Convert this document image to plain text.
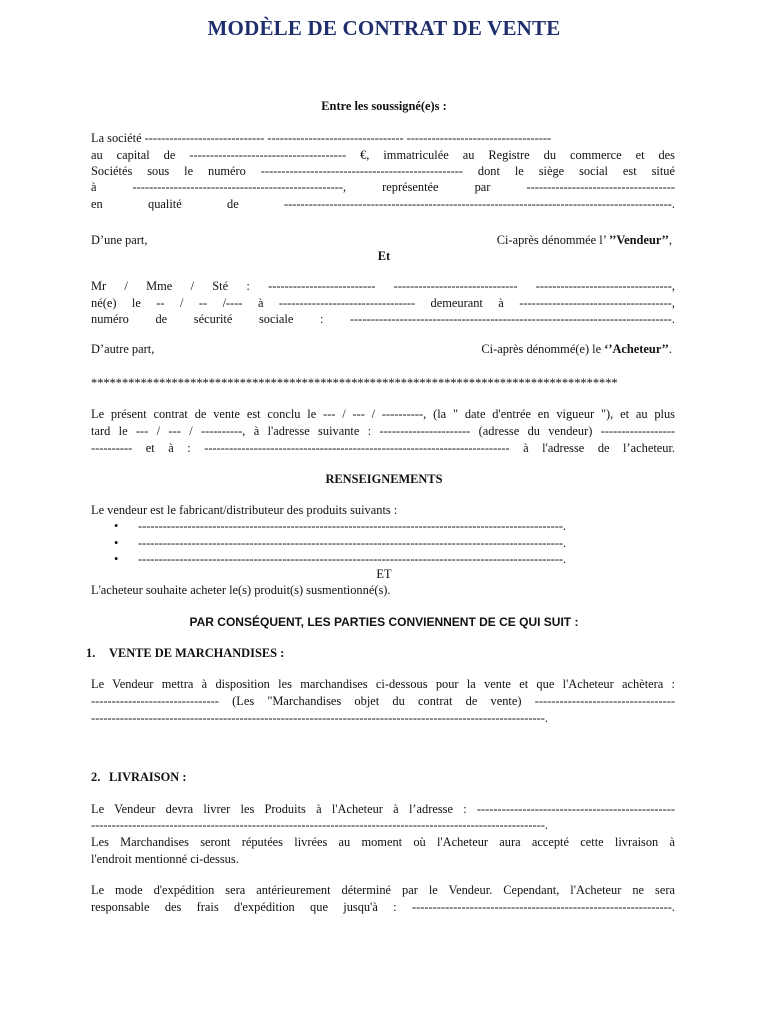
MODÈLE DE CONTRAT DE VENTE
Entre les soussigné(e)s :
La société ----------------------------- --------------------------------- -----------------------------------
au capital de -------------------------------------- €, immatriculée au Registre du commerce et des
Sociétés sous le numéro ------------------------------------------------- dont le siège social est situé
à ---------------------------------------------------, représentée par ------------------------------------
en qualité de ----------------------------------------------------------------------------------------------.
D’une part,	Ci-après dénommée l’ ’’Vendeur’’,
Et
Mr / Mme / Sté : -------------------------- ------------------------------ ---------------------------------,
né(e) le -- / -- /---- à --------------------------------- demeurant à -------------------------------------,
numéro de sécurité sociale : ------------------------------------------------------------------------------.
D’autre part,	Ci-après dénommé(e) le ‘’Acheteur’’.
*************************************************************************************
Le présent contrat de vente est conclu le --- / --- / ----------, (la " date d'entrée en vigueur "), et au plus
tard le --- / --- / ----------, à l'adresse suivante : ---------------------- (adresse du vendeur) ------------------
---------- et à : -------------------------------------------------------------------------- à l'adresse de l’acheteur.
RENSEIGNEMENTS
Le vendeur est le fabricant/distributeur des produits suivants :
• -------------------------------------------------------------------------------------------------------.
• -------------------------------------------------------------------------------------------------------.
• -------------------------------------------------------------------------------------------------------.
ET
L'acheteur souhaite acheter le(s) produit(s) susmentionné(s).
PAR CONSÉQUENT, LES PARTIES CONVIENNENT DE CE QUI SUIT :
1. VENTE DE MARCHANDISES :
Le Vendeur mettra à disposition les marchandises ci-dessous pour la vente et que l'Acheteur achètera :
------------------------------- (Les "Marchandises objet du contrat de vente) ----------------------------------
--------------------------------------------------------------------------------------------------------------.
2. LIVRAISON :
Le Vendeur devra livrer les Produits à l'Acheteur à l’adresse : ------------------------------------------------
--------------------------------------------------------------------------------------------------------------.
Les Marchandises seront réputées livrées au moment où l'Acheteur aura accepté cette livraison à
l'endroit mentionné ci-dessus.
Le mode d'expédition sera antérieurement déterminé par le Vendeur. Cependant, l'Acheteur ne sera
responsable des frais d'expédition que jusqu'à : ---------------------------------------------------------------.
